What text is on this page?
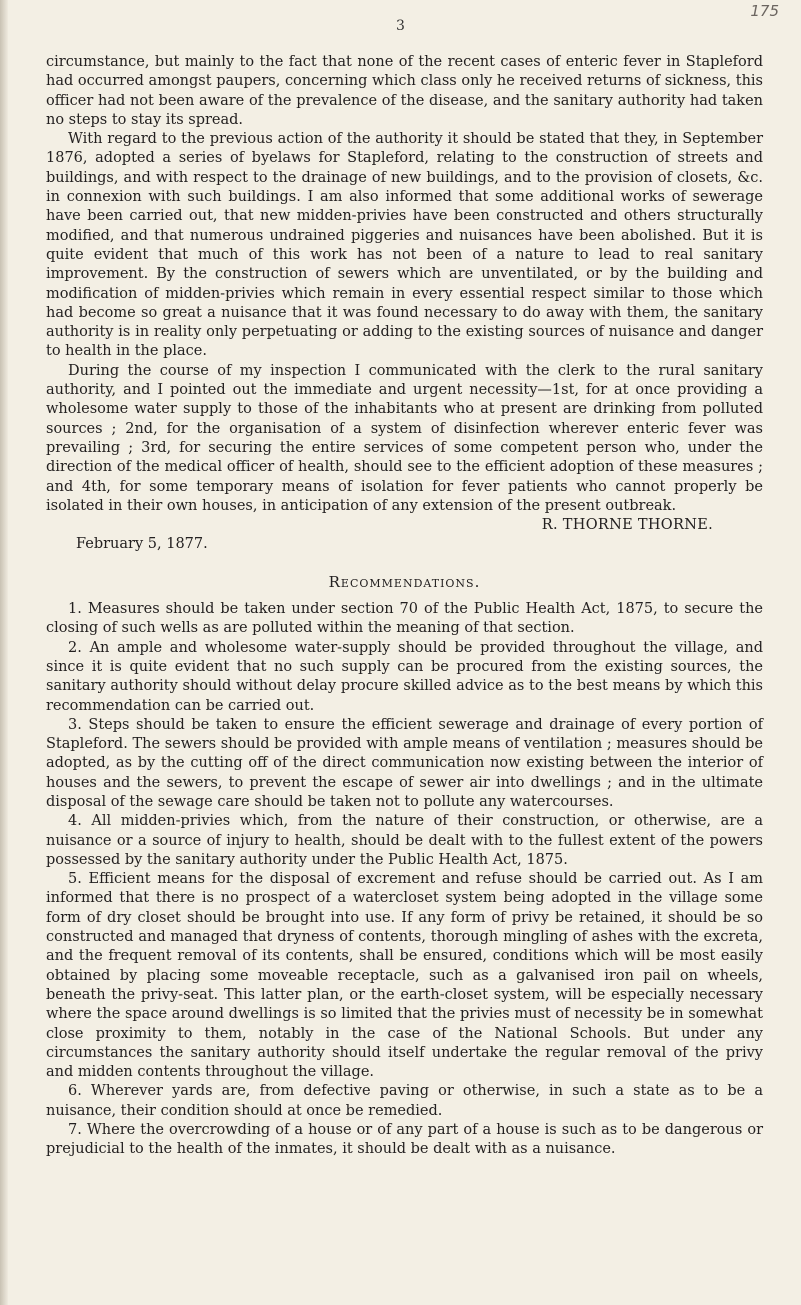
175
3

circumstance, but mainly to the fact that none of the recent cases of enteric fever in Stapleford had occurred amongst paupers, concerning which class only he received returns of sickness, this officer had not been aware of the prevalence of the disease, and the sanitary authority had taken no steps to stay its spread.

With regard to the previous action of the authority it should be stated that they, in September 1876, adopted a series of byelaws for Stapleford, relating to the construction of streets and buildings, and with respect to the drainage of new buildings, and to the provision of closets, &c. in connexion with such buildings. I am also informed that some additional works of sewerage have been carried out, that new midden-privies have been constructed and others structurally modified, and that numerous undrained piggeries and nuisances have been abolished. But it is quite evident that much of this work has not been of a nature to lead to real sanitary improvement. By the construction of sewers which are unventilated, or by the building and modification of midden-privies which remain in every essential respect similar to those which had become so great a nuisance that it was found necessary to do away with them, the sanitary authority is in reality only perpetuating or adding to the existing sources of nuisance and danger to health in the place.

During the course of my inspection I communicated with the clerk to the rural sanitary authority, and I pointed out the immediate and urgent necessity—1st, for at once providing a wholesome water supply to those of the inhabitants who at present are drinking from polluted sources ; 2nd, for the organisation of a system of disinfection wherever enteric fever was prevailing ; 3rd, for securing the entire services of some competent person who, under the direction of the medical officer of health, should see to the efficient adoption of these measures ; and 4th, for some temporary means of isolation for fever patients who cannot properly be isolated in their own houses, in anticipation of any extension of the present outbreak.

R. THORNE THORNE.

February 5, 1877.

Recommendations.

1. Measures should be taken under section 70 of the Public Health Act, 1875, to secure the closing of such wells as are polluted within the meaning of that section.

2. An ample and wholesome water-supply should be provided throughout the village, and since it is quite evident that no such supply can be procured from the existing sources, the sanitary authority should without delay procure skilled advice as to the best means by which this recommendation can be carried out.

3. Steps should be taken to ensure the efficient sewerage and drainage of every portion of Stapleford. The sewers should be provided with ample means of ventilation ; measures should be adopted, as by the cutting off of the direct communication now existing between the interior of houses and the sewers, to prevent the escape of sewer air into dwellings ; and in the ultimate disposal of the sewage care should be taken not to pollute any watercourses.

4. All midden-privies which, from the nature of their construction, or otherwise, are a nuisance or a source of injury to health, should be dealt with to the fullest extent of the powers possessed by the sanitary authority under the Public Health Act, 1875.

5. Efficient means for the disposal of excrement and refuse should be carried out. As I am informed that there is no prospect of a watercloset system being adopted in the village some form of dry closet should be brought into use. If any form of privy be retained, it should be so constructed and managed that dryness of contents, thorough mingling of ashes with the excreta, and the frequent removal of its contents, shall be ensured, conditions which will be most easily obtained by placing some moveable receptacle, such as a galvanised iron pail on wheels, beneath the privy-seat. This latter plan, or the earth-closet system, will be especially necessary where the space around dwellings is so limited that the privies must of necessity be in somewhat close proximity to them, notably in the case of the National Schools. But under any circumstances the sanitary authority should itself undertake the regular removal of the privy and midden contents throughout the village.

6. Wherever yards are, from defective paving or otherwise, in such a state as to be a nuisance, their condition should at once be remedied.

7. Where the overcrowding of a house or of any part of a house is such as to be dangerous or prejudicial to the health of the inmates, it should be dealt with as a nuisance.
